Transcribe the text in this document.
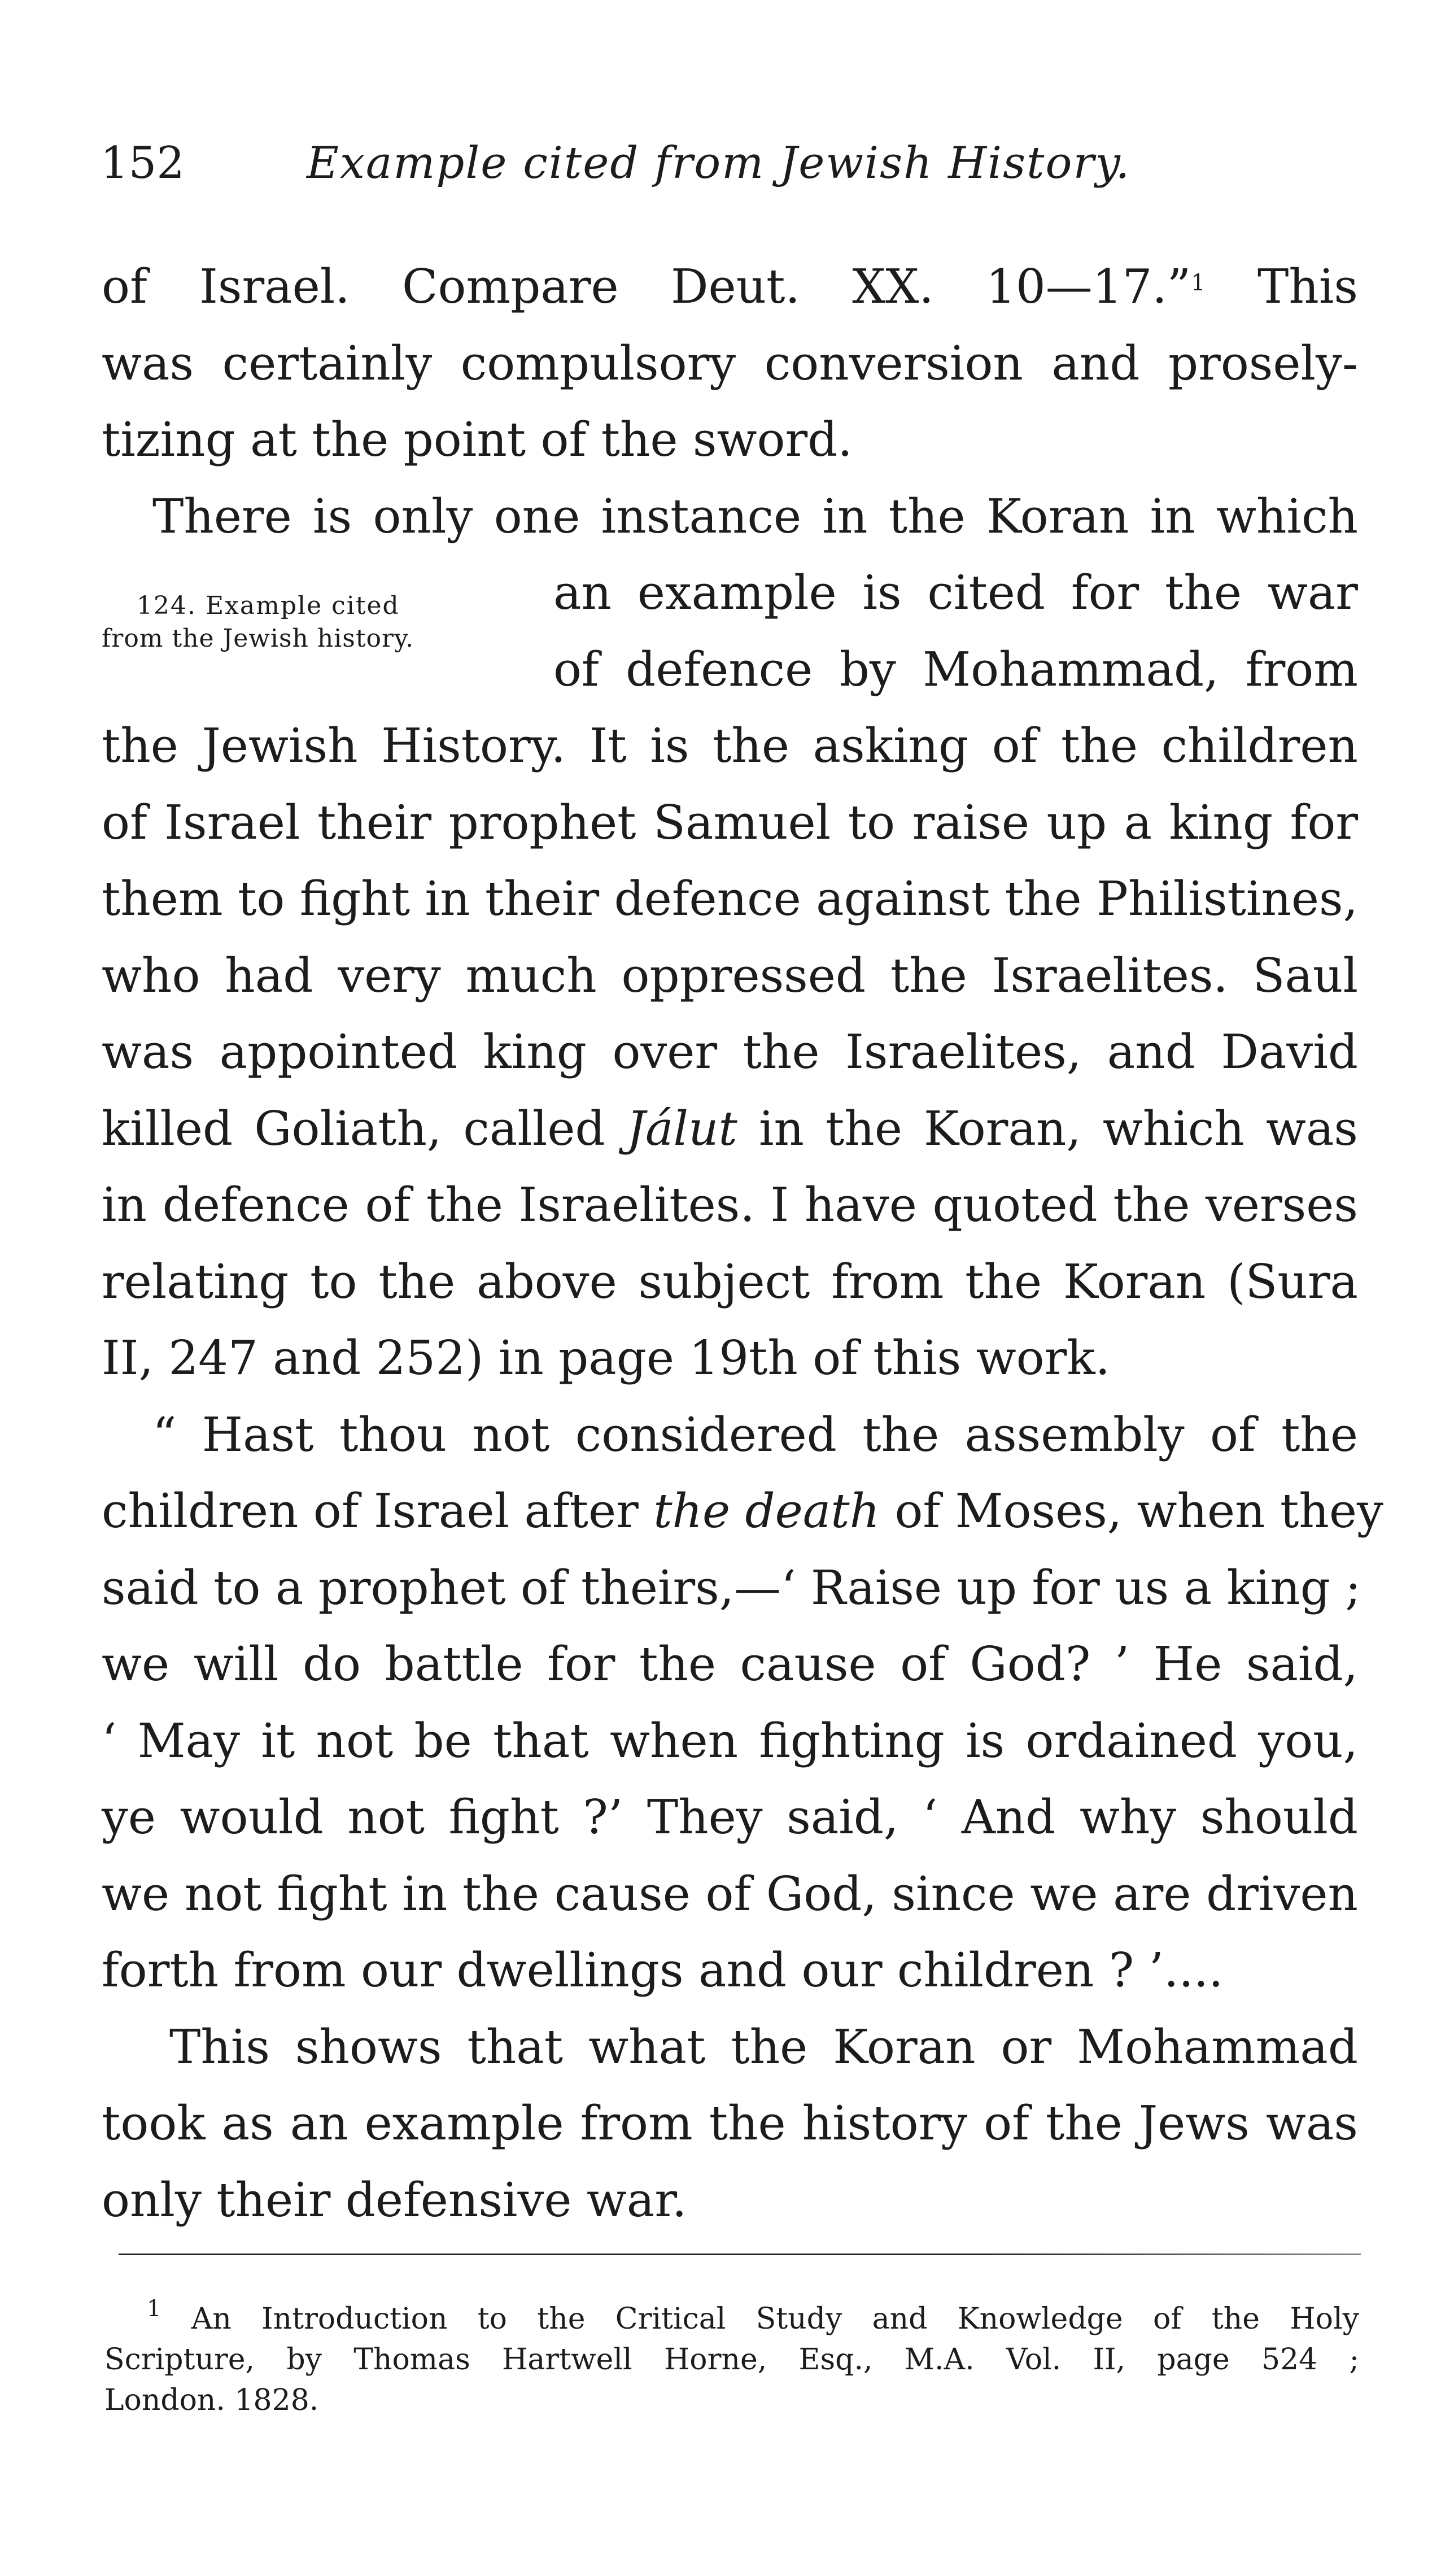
152	Example cited from Jewish History.

of Israel. Compare Deut. XX. 10—17.”$^1$ This
was certainly compulsory conversion and prosely-
tizing at the point of the sword.

There is only one instance in the Koran in which
124. Example cited
from the Jewish history.
an example is cited for the war
of defence by Mohammad, from
the Jewish History. It is the asking of the children
of Israel their prophet Samuel to raise up a king for
them to fight in their defence against the Philistines,
who had very much oppressed the Israelites. Saul
was appointed king over the Israelites, and David
killed Goliath, called Jálut in the Koran, which was
in defence of the Israelites. I have quoted the verses
relating to the above subject from the Koran (Sura
II, 247 and 252) in page 19th of this work.

“ Hast thou not considered the assembly of the
children of Israel after the death of Moses, when they
said to a prophet of theirs,—‘ Raise up for us a king ;
we will do battle for the cause of God? ’ He said,
‘ May it not be that when fighting is ordained you,
ye would not fight ?’ They said, ‘ And why should
we not fight in the cause of God, since we are driven
forth from our dwellings and our children ? ’....

This shows that what the Koran or Mohammad
took as an example from the history of the Jews was
only their defensive war.

$^1$ An Introduction to the Critical Study and Knowledge of the Holy
Scripture, by Thomas Hartwell Horne, Esq., M.A. Vol. II, page 524 ;
London. 1828.
